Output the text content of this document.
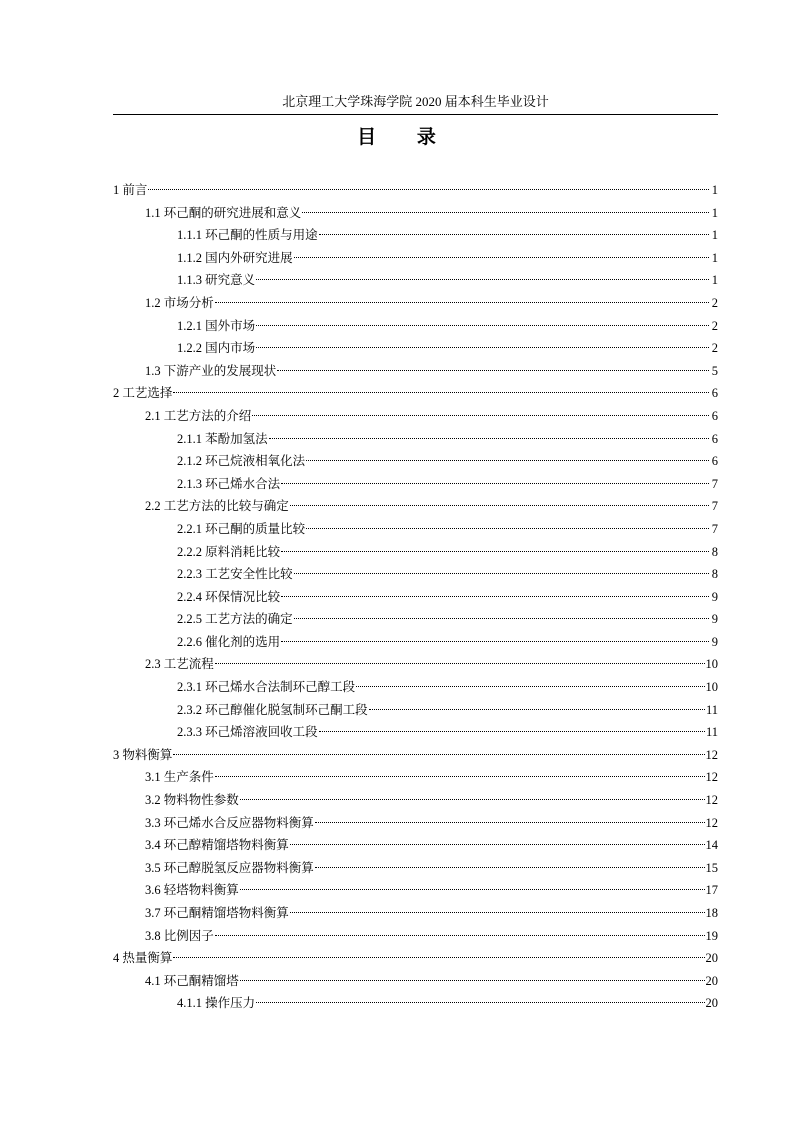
北京理工大学珠海学院 2020 届本科生毕业设计
目 录
1 前言	1
1.1 环己酮的研究进展和意义	1
1.1.1 环己酮的性质与用途	1
1.1.2 国内外研究进展	1
1.1.3 研究意义	1
1.2 市场分析	2
1.2.1 国外市场	2
1.2.2 国内市场	2
1.3 下游产业的发展现状	5
2 工艺选择	6
2.1 工艺方法的介绍	6
2.1.1 苯酚加氢法	6
2.1.2 环己烷液相氧化法	6
2.1.3 环己烯水合法	7
2.2 工艺方法的比较与确定	7
2.2.1 环己酮的质量比较	7
2.2.2 原料消耗比较	8
2.2.3 工艺安全性比较	8
2.2.4 环保情况比较	9
2.2.5 工艺方法的确定	9
2.2.6 催化剂的选用	9
2.3 工艺流程	10
2.3.1 环己烯水合法制环己醇工段	10
2.3.2 环己醇催化脱氢制环己酮工段	11
2.3.3 环己烯溶液回收工段	11
3 物料衡算	12
3.1 生产条件	12
3.2 物料物性参数	12
3.3 环己烯水合反应器物料衡算	12
3.4 环己醇精馏塔物料衡算	14
3.5 环己醇脱氢反应器物料衡算	15
3.6 轻塔物料衡算	17
3.7 环己酮精馏塔物料衡算	18
3.8 比例因子	19
4 热量衡算	20
4.1 环己酮精馏塔	20
4.1.1 操作压力	20
